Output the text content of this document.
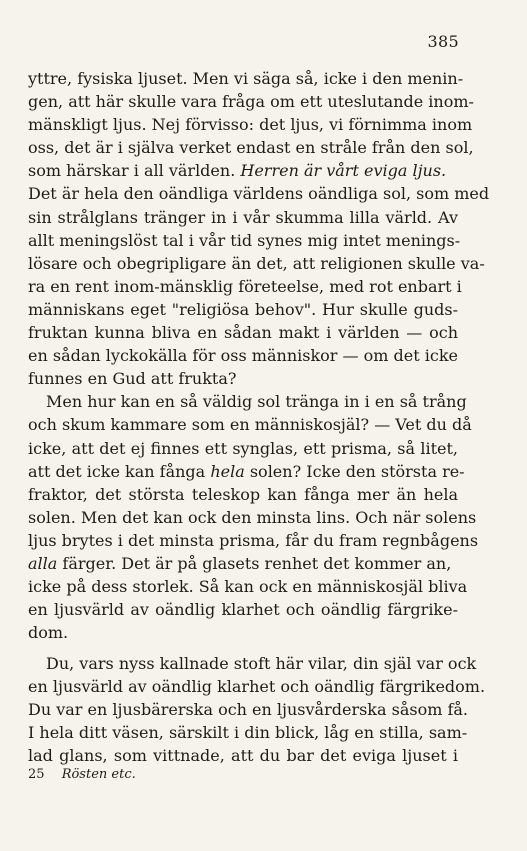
385
yttre, fysiska ljuset. Men vi säga så, icke i den menin-
gen, att här skulle vara fråga om ett uteslutande inom-
mänskligt ljus. Nej förvisso: det ljus, vi förnimma inom
oss, det är i själva verket endast en stråle från den sol,
som härskar i all världen. Herren är vårt eviga ljus.
Det är hela den oändliga världens oändliga sol, som med
sin strålglans tränger in i vår skumma lilla värld. Av
allt meningslöst tal i vår tid synes mig intet menings-
lösare och obegripligare än det, att religionen skulle va-
ra en rent inom-mänsklig företeelse, med rot enbart i
människans eget "religiösa behov". Hur skulle guds-
fruktan kunna bliva en sådan makt i världen — och
en sådan lyckokälla för oss människor — om det icke
funnes en Gud att frukta?
Men hur kan en så väldig sol tränga in i en så trång
och skum kammare som en människosjäl? — Vet du då
icke, att det ej finnes ett synglas, ett prisma, så litet,
att det icke kan fånga hela solen? Icke den största re-
fraktor, det största teleskop kan fånga mer än hela
solen. Men det kan ock den minsta lins. Och när solens
ljus brytes i det minsta prisma, får du fram regnbågens
alla färger. Det är på glasets renhet det kommer an,
icke på dess storlek. Så kan ock en människosjäl bliva
en ljusvärld av oändlig klarhet och oändlig färgrike-
dom.
Du, vars nyss kallnade stoft här vilar, din själ var ock
en ljusvärld av oändlig klarhet och oändlig färgrikedom.
Du var en ljusbärerska och en ljusvårderska såsom få.
I hela ditt väsen, särskilt i din blick, låg en stilla, sam-
lad glans, som vittnade, att du bar det eviga ljuset i
25 Rösten etc.
